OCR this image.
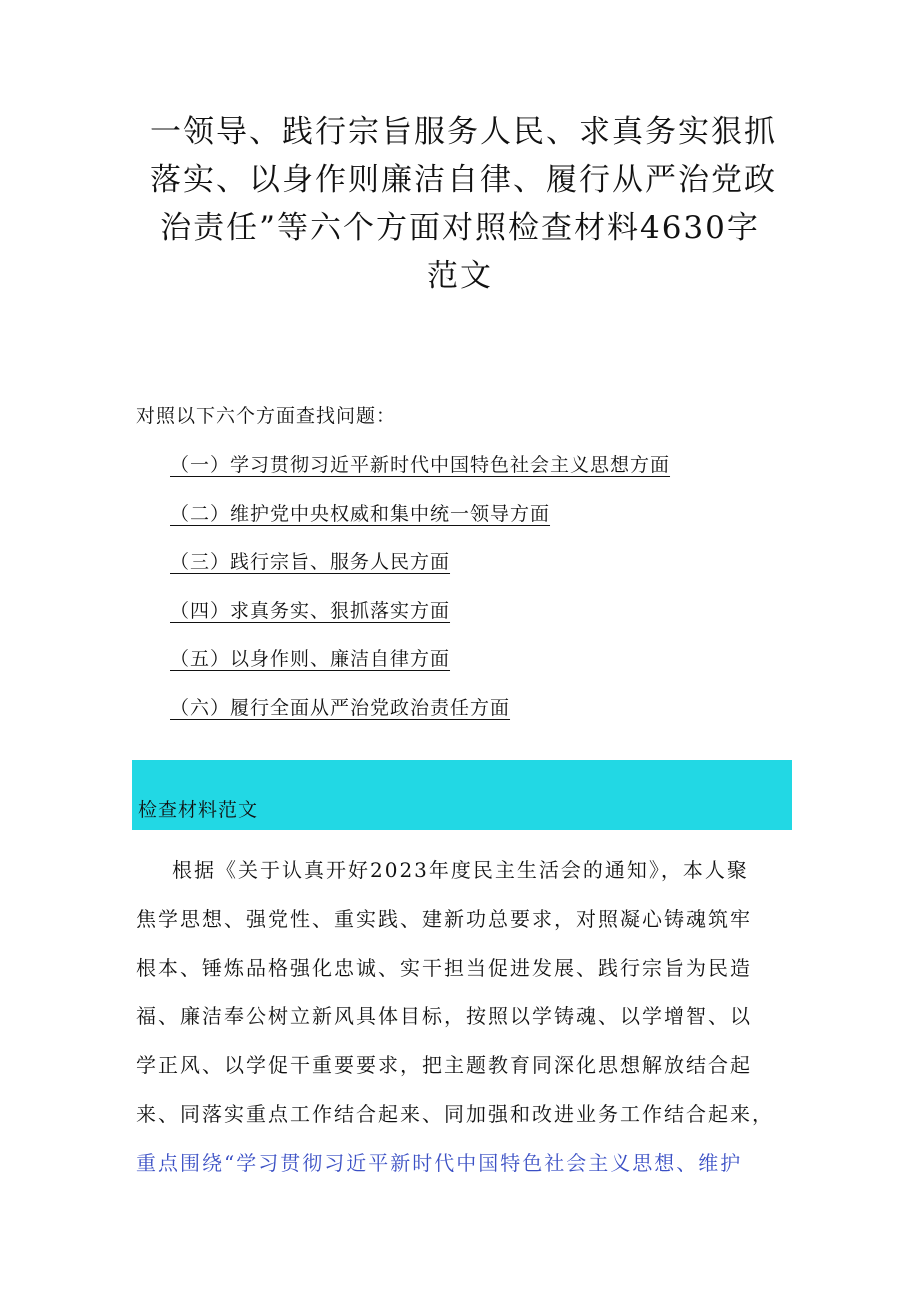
一领导、践行宗旨服务人民、求真务实狠抓
落实、以身作则廉洁自律、履行从严治党政
治责任”等六个方面对照检查材料4630字
范文
对照以下六个方面查找问题：
（一）学习贯彻习近平新时代中国特色社会主义思想方面
（二）维护党中央权威和集中统一领导方面
（三）践行宗旨、服务人民方面
（四）求真务实、狠抓落实方面
（五）以身作则、廉洁自律方面
（六）履行全面从严治党政治责任方面
检查材料范文
根据《关于认真开好2023年度民主生活会的通知》，本人聚
焦学思想、强党性、重实践、建新功总要求，对照凝心铸魂筑牢
根本、锤炼品格强化忠诚、实干担当促进发展、践行宗旨为民造
福、廉洁奉公树立新风具体目标，按照以学铸魂、以学增智、以
学正风、以学促干重要要求，把主题教育同深化思想解放结合起
来、同落实重点工作结合起来、同加强和改进业务工作结合起来，
重点围绕“学习贯彻习近平新时代中国特色社会主义思想、维护
